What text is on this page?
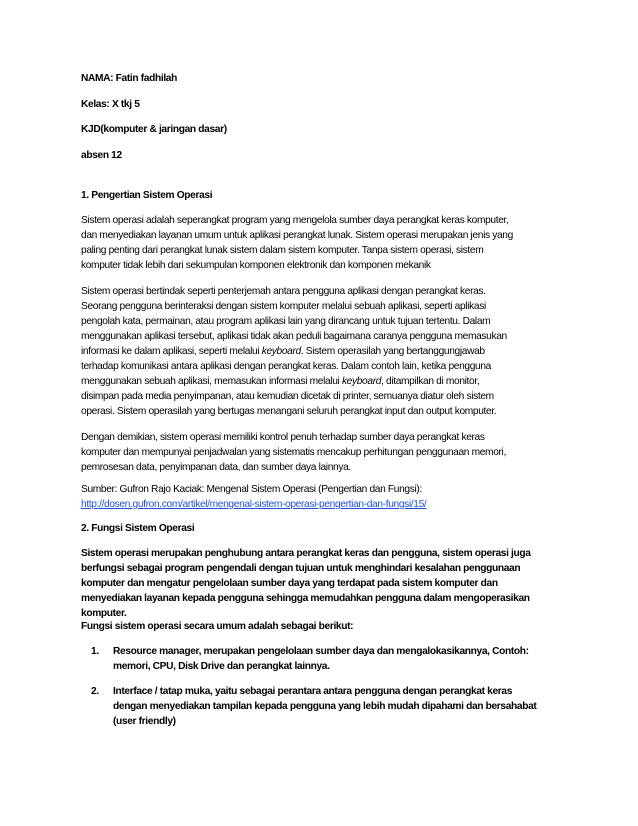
NAMA: Fatin fadhilah
Kelas: X tkj 5
KJD(komputer & jaringan dasar)
absen 12
1. Pengertian Sistem Operasi
Sistem operasi adalah seperangkat program yang mengelola sumber daya perangkat keras komputer,
dan menyediakan layanan umum untuk aplikasi perangkat lunak. Sistem operasi merupakan jenis yang
paling penting dari perangkat lunak sistem dalam sistem komputer. Tanpa sistem operasi, sistem
komputer tidak lebih dari sekumpulan komponen elektronik dan komponen mekanik
Sistem operasi bertindak seperti penterjemah antara pengguna aplikasi dengan perangkat keras.
Seorang pengguna berinteraksi dengan sistem komputer melalui sebuah aplikasi, seperti aplikasi
pengolah kata, permainan, atau program aplikasi lain yang dirancang untuk tujuan tertentu. Dalam
menggunakan aplikasi tersebut, aplikasi tidak akan peduli bagaimana caranya pengguna memasukan
informasi ke dalam aplikasi, seperti melalui keyboard. Sistem operasilah yang bertanggungjawab
terhadap komunikasi antara aplikasi dengan perangkat keras. Dalam contoh lain, ketika pengguna
menggunakan sebuah aplikasi, memasukan informasi melalui keyboard, ditampilkan di monitor,
disimpan pada media penyimpanan, atau kemudian dicetak di printer, semuanya diatur oleh sistem
operasi. Sistem operasilah yang bertugas menangani seluruh perangkat input dan output komputer.
Dengan demikian, sistem operasi memiliki kontrol penuh terhadap sumber daya perangkat keras
komputer dan mempunyai penjadwalan yang sistematis mencakup perhitungan penggunaan memori,
pemrosesan data, penyimpanan data, dan sumber daya lainnya.
Sumber: Gufron Rajo Kaciak: Mengenal Sistem Operasi (Pengertian dan Fungsi):
http://dosen.gufron.com/artikel/mengenal-sistem-operasi-pengertian-dan-fungsi/15/
2. Fungsi Sistem Operasi
Sistem operasi merupakan penghubung antara perangkat keras dan pengguna, sistem operasi juga
berfungsi sebagai program pengendali dengan tujuan untuk menghindari kesalahan penggunaan
komputer dan mengatur pengelolaan sumber daya yang terdapat pada sistem komputer dan
menyediakan layanan kepada pengguna sehingga memudahkan pengguna dalam mengoperasikan
komputer.
Fungsi sistem operasi secara umum adalah sebagai berikut:
1. Resource manager, merupakan pengelolaan sumber daya dan mengalokasikannya, Contoh:
memori, CPU, Disk Drive dan perangkat lainnya.
2. Interface / tatap muka, yaitu sebagai perantara antara pengguna dengan perangkat keras
dengan menyediakan tampilan kepada pengguna yang lebih mudah dipahami dan bersahabat
(user friendly)
